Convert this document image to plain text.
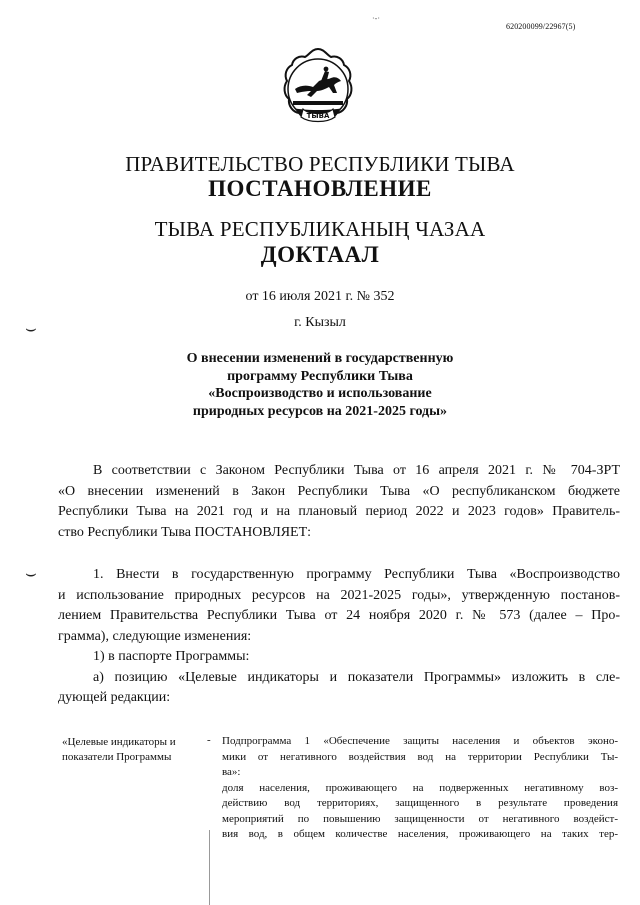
·-·
620200099/22967(5)
ТЫВА
ПРАВИТЕЛЬСТВО РЕСПУБЛИКИ ТЫВА
ПОСТАНОВЛЕНИЕ
ТЫВА РЕСПУБЛИКАНЫҢ ЧАЗАА
ДОКТААЛ
от 16 июля 2021 г. № 352
г. Кызыл
⌣
⌣
О внесении изменений в государственную
программу Республики Тыва
«Воспроизводство и использование
природных ресурсов на 2021-2025 годы»
В соответствии с Законом Республики Тыва от 16 апреля 2021 г. № 704-ЗРТ
«О внесении изменений в Закон Республики Тыва «О республиканском бюджете
Республики Тыва на 2021 год и на плановый период 2022 и 2023 годов» Правитель-
ство Республики Тыва ПОСТАНОВЛЯЕТ:
1. Внести в государственную программу Республики Тыва «Воспроизводство
и использование природных ресурсов на 2021-2025 годы», утвержденную постанов-
лением Правительства Республики Тыва от 24 ноября 2020 г. № 573 (далее – Про-
грамма), следующие изменения:
1) в паспорте Программы:
а) позицию «Целевые индикаторы и показатели Программы» изложить в сле-
дующей редакции:
«Целевые индикаторы и
показатели Программы
- Подпрограмма 1 «Обеспечение защиты населения и объектов эконо-
мики от негативного воздействия вод на территории Республики Ты-
ва»:
доля населения, проживающего на подверженных негативному воз-
действию вод территориях, защищенного в результате проведения
мероприятий по повышению защищенности от негативного воздейст-
вия вод, в общем количестве населения, проживающего на таких тер-
